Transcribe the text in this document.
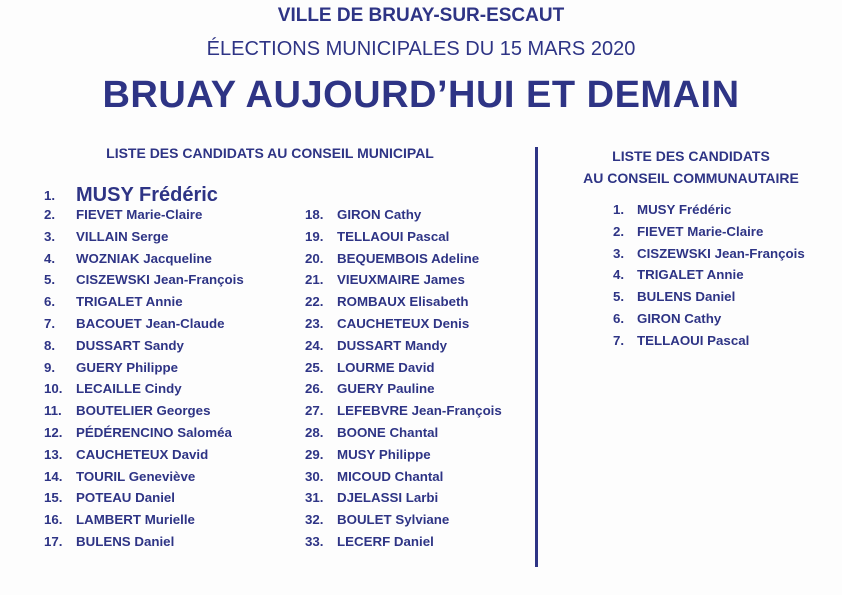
VILLE DE BRUAY-SUR-ESCAUT
ÉLECTIONS MUNICIPALES DU 15 MARS 2020
BRUAY AUJOURD’HUI ET DEMAIN
LISTE DES CANDIDATS AU CONSEIL MUNICIPAL	LISTE DES CANDIDATS
AU CONSEIL COMMUNAUTAIRE
1. MUSY Frédéric
2. FIEVET Marie-Claire
3. VILLAIN Serge
4. WOZNIAK Jacqueline
5. CISZEWSKI Jean-François
6. TRIGALET Annie
7. BACOUET Jean-Claude
8. DUSSART Sandy
9. GUERY Philippe
10. LECAILLE Cindy
11. BOUTELIER Georges
12. PÉDÉRENCINO Saloméa
13. CAUCHETEUX David
14. TOURIL Geneviève
15. POTEAU Daniel
16. LAMBERT Murielle
17. BULENS Daniel
18. GIRON Cathy
19. TELLAOUI Pascal
20. BEQUEMBOIS Adeline
21. VIEUXMAIRE James
22. ROMBAUX Elisabeth
23. CAUCHETEUX Denis
24. DUSSART Mandy
25. LOURME David
26. GUERY Pauline
27. LEFEBVRE Jean-François
28. BOONE Chantal
29. MUSY Philippe
30. MICOUD Chantal
31. DJELASSI Larbi
32. BOULET Sylviane
33. LECERF Daniel
1. MUSY Frédéric
2. FIEVET Marie-Claire
3. CISZEWSKI Jean-François
4. TRIGALET Annie
5. BULENS Daniel
6. GIRON Cathy
7. TELLAOUI Pascal
